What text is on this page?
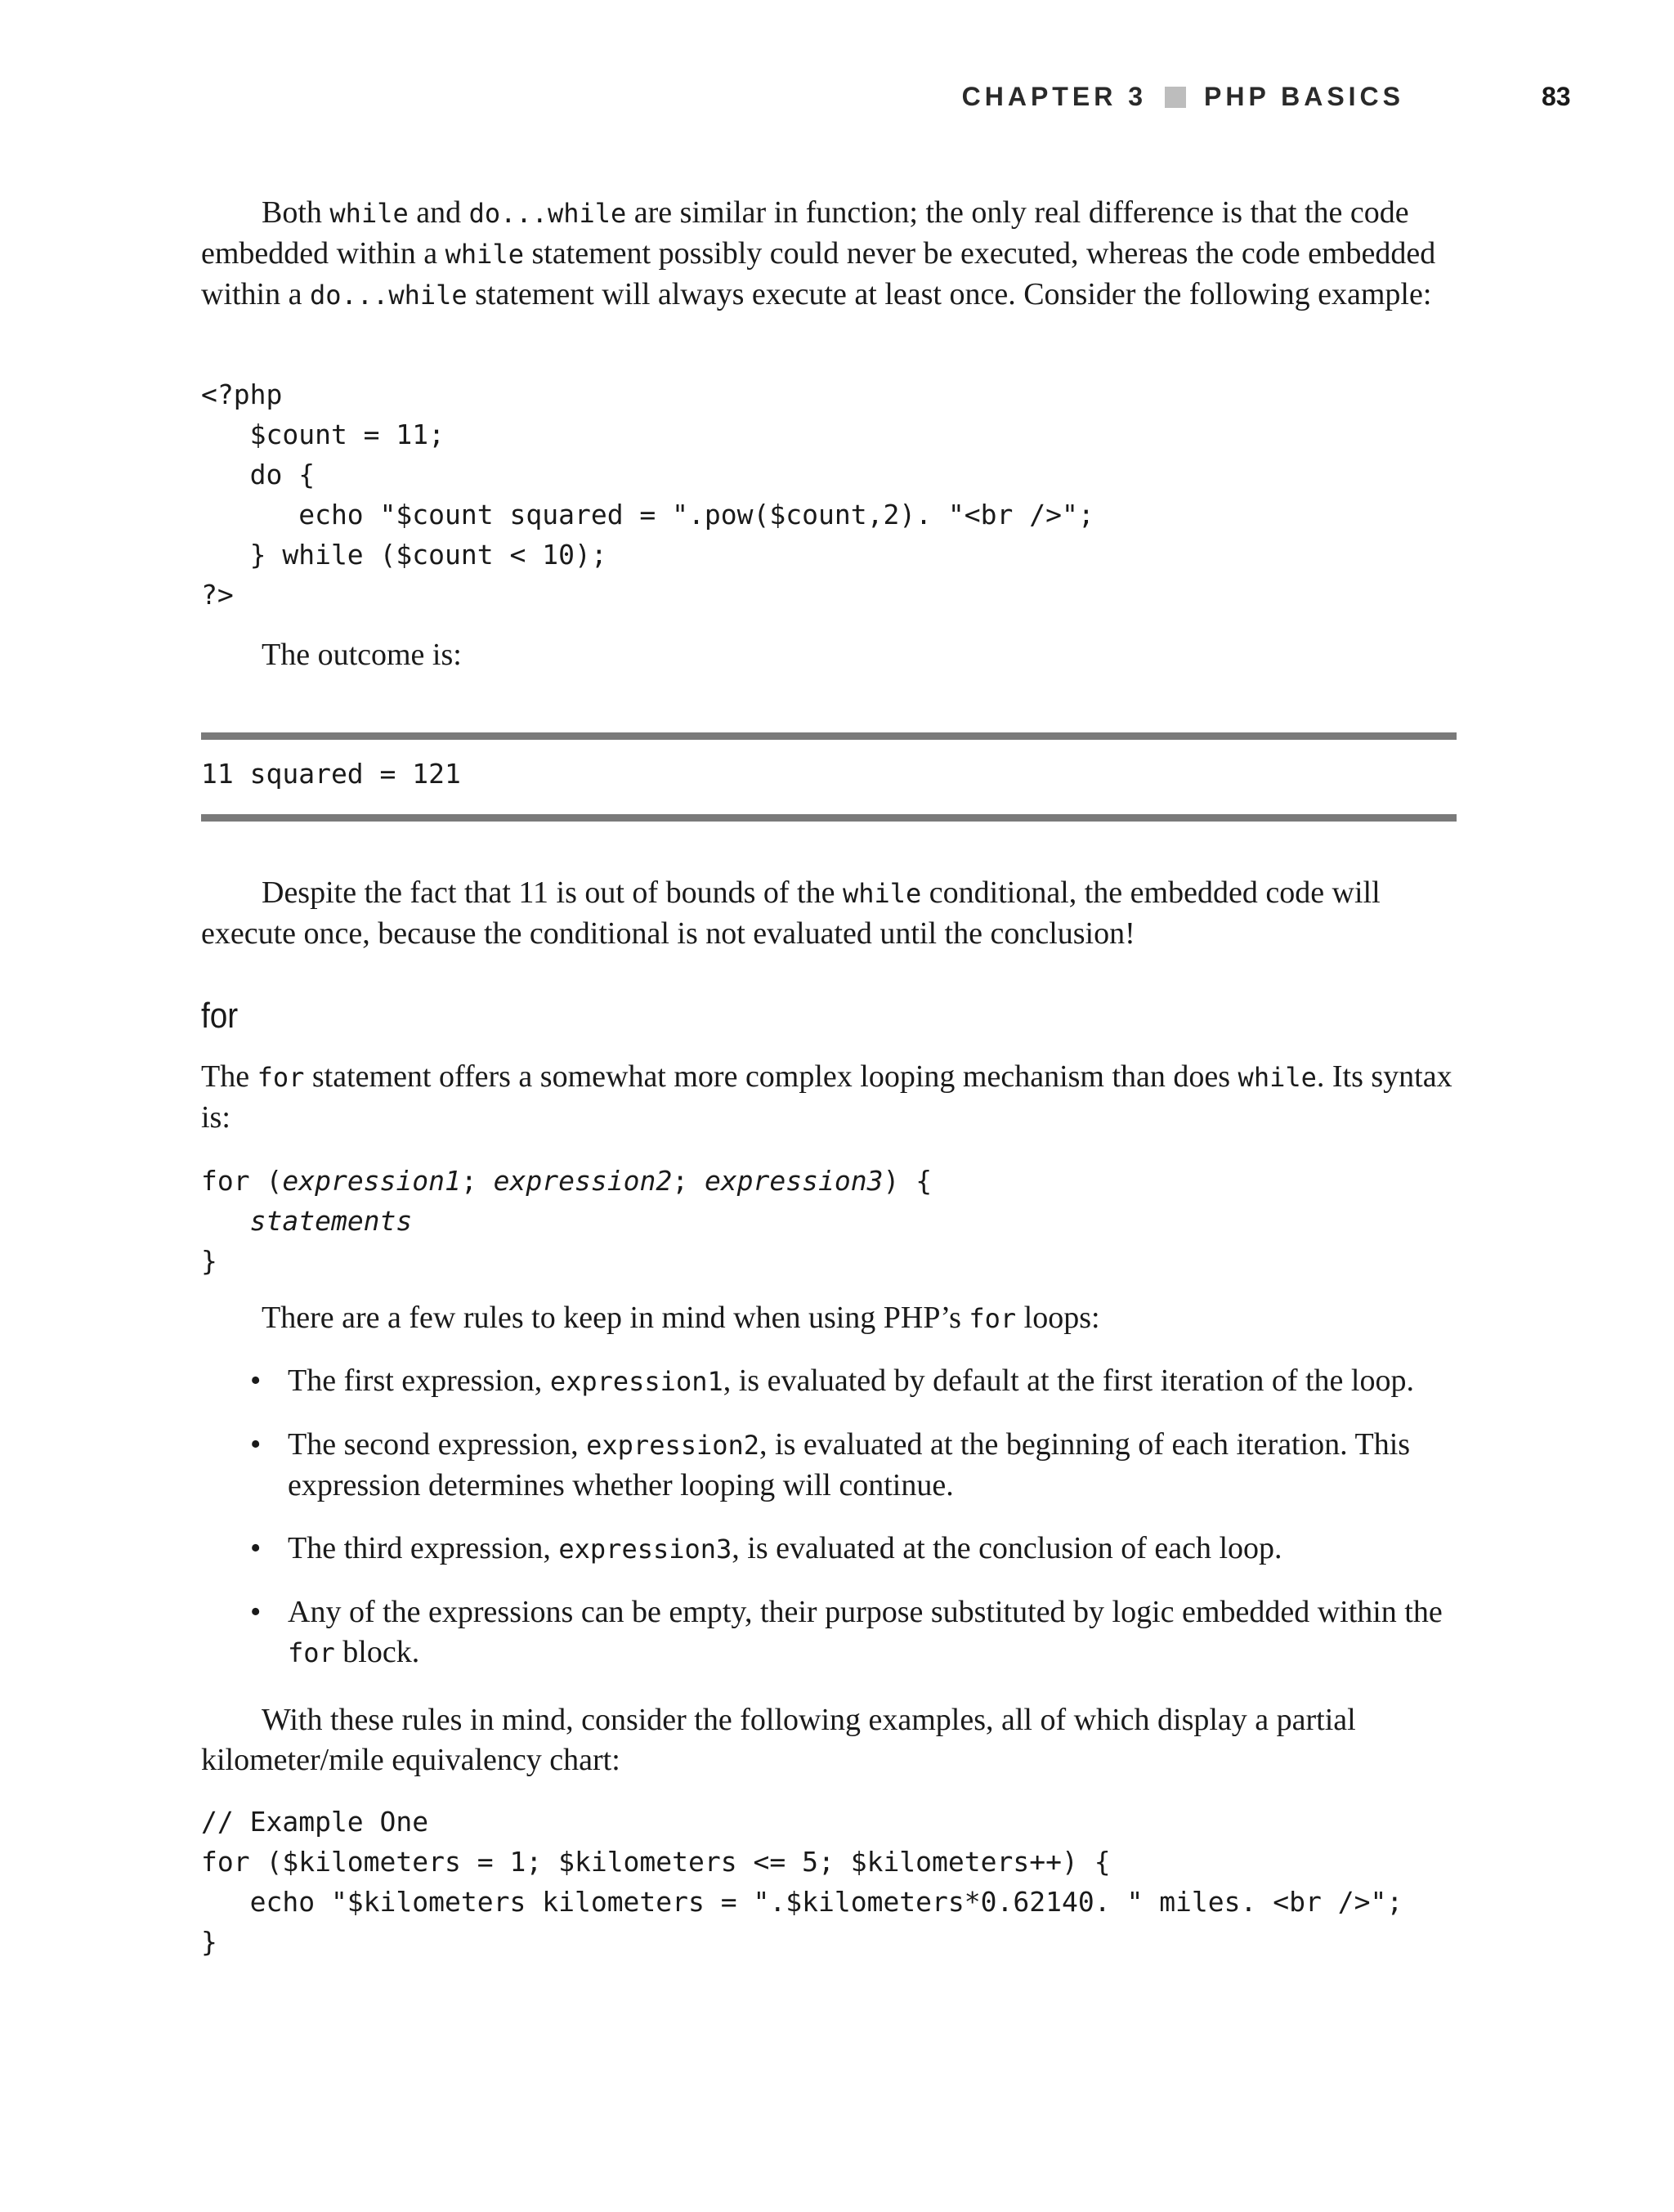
CHAPTER 3 PHP BASICS	83

Both while and do...while are similar in function; the only real difference is that the code embedded within a while statement possibly could never be executed, whereas the code embedded within a do...while statement will always execute at least once. Consider the following example:

<?php
$count = 11;
do {
echo "$count squared = ".pow($count,2). "<br />";
} while ($count < 10);
?>

The outcome is:

11 squared = 121

Despite the fact that 11 is out of bounds of the while conditional, the embedded code will execute once, because the conditional is not evaluated until the conclusion!

for

The for statement offers a somewhat more complex looping mechanism than does while. Its syntax is:

for (expression1; expression2; expression3) {
statements
}

There are a few rules to keep in mind when using PHP’s for loops:

• The first expression, expression1, is evaluated by default at the first iteration of the loop.
• The second expression, expression2, is evaluated at the beginning of each iteration. This expression determines whether looping will continue.
• The third expression, expression3, is evaluated at the conclusion of each loop.
• Any of the expressions can be empty, their purpose substituted by logic embedded within the for block.

With these rules in mind, consider the following examples, all of which display a partial kilometer/mile equivalency chart:

// Example One
for ($kilometers = 1; $kilometers <= 5; $kilometers++) {
echo "$kilometers kilometers = ".$kilometers*0.62140. " miles. <br />";
}
